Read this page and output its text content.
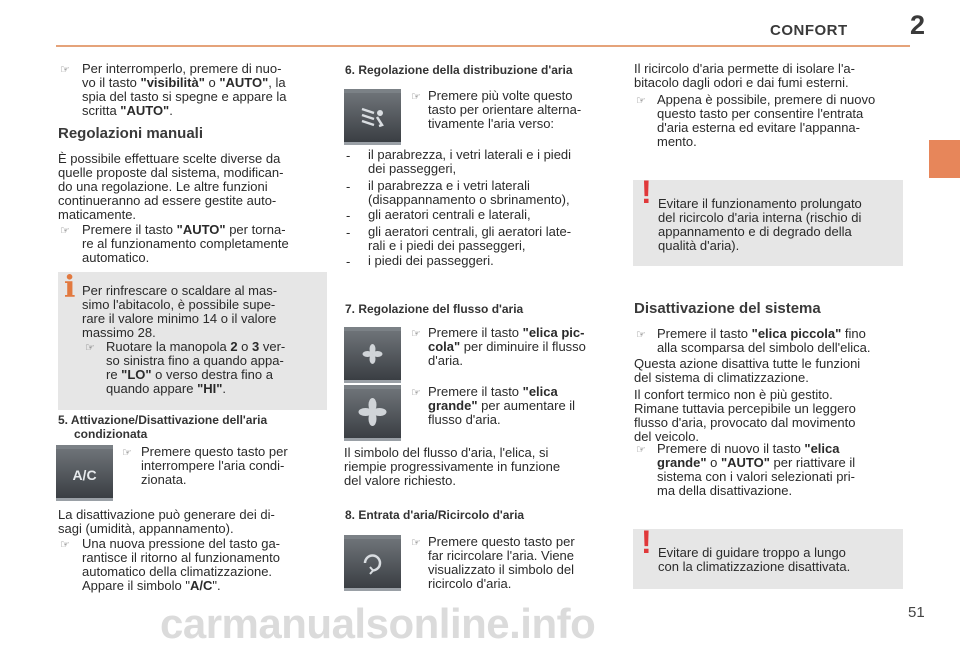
CONFORT 2
☞ Per interromperlo, premere di nuo-
vo il tasto "visibilità" o "AUTO", la
spia del tasto si spegne e appare la
scritta "AUTO".
Regolazioni manuali
È possibile effettuare scelte diverse da
quelle proposte dal sistema, modifican-
do una regolazione. Le altre funzioni
continueranno ad essere gestite auto-
maticamente.
☞ Premere il tasto "AUTO" per torna-
re al funzionamento completamente
automatico.
i Per rinfrescare o scaldare al mas-
simo l'abitacolo, è possibile supe-
rare il valore minimo 14 o il valore
massimo 28.
☞ Ruotare la manopola 2 o 3 ver-
so sinistra fino a quando appa-
re "LO" o verso destra fino a
quando appare "HI".
5. Attivazione/Disattivazione dell'aria
condizionata
A/C
☞ Premere questo tasto per
interrompere l'aria condi-
zionata.
La disattivazione può generare dei di-
sagi (umidità, appannamento).
☞ Una nuova pressione del tasto ga-
rantisce il ritorno al funzionamento
automatico della climatizzazione.
Appare il simbolo "A/C".
6. Regolazione della distribuzione d'aria
☞ Premere più volte questo
tasto per orientare alterna-
tivamente l'aria verso:
- il parabrezza, i vetri laterali e i piedi
dei passeggeri,
- il parabrezza e i vetri laterali
(disappannamento o sbrinamento),
- gli aeratori centrali e laterali,
- gli aeratori centrali, gli aeratori late-
rali e i piedi dei passeggeri,
- i piedi dei passeggeri.
7. Regolazione del flusso d'aria
☞ Premere il tasto "elica pic-
cola" per diminuire il flusso
d'aria.
☞ Premere il tasto "elica
grande" per aumentare il
flusso d'aria.
Il simbolo del flusso d'aria, l'elica, si
riempie progressivamente in funzione
del valore richiesto.
8. Entrata d'aria/Ricircolo d'aria
☞ Premere questo tasto per
far ricircolare l'aria. Viene
visualizzato il simbolo del
ricircolo d'aria.
Il ricircolo d'aria permette di isolare l'a-
bitacolo dagli odori e dai fumi esterni.
☞ Appena è possibile, premere di nuovo
questo tasto per consentire l'entrata
d'aria esterna ed evitare l'appanna-
mento.
! Evitare il funzionamento prolungato
del ricircolo d'aria interna (rischio di
appannamento e di degrado della
qualità d'aria).
Disattivazione del sistema
☞ Premere il tasto "elica piccola" fino
alla scomparsa del simbolo dell'elica.
Questa azione disattiva tutte le funzioni
del sistema di climatizzazione.
Il confort termico non è più gestito.
Rimane tuttavia percepibile un leggero
flusso d'aria, provocato dal movimento
del veicolo.
☞ Premere di nuovo il tasto "elica
grande" o "AUTO" per riattivare il
sistema con i valori selezionati pri-
ma della disattivazione.
! Evitare di guidare troppo a lungo
con la climatizzazione disattivata.
carmanualsonline.info	51
